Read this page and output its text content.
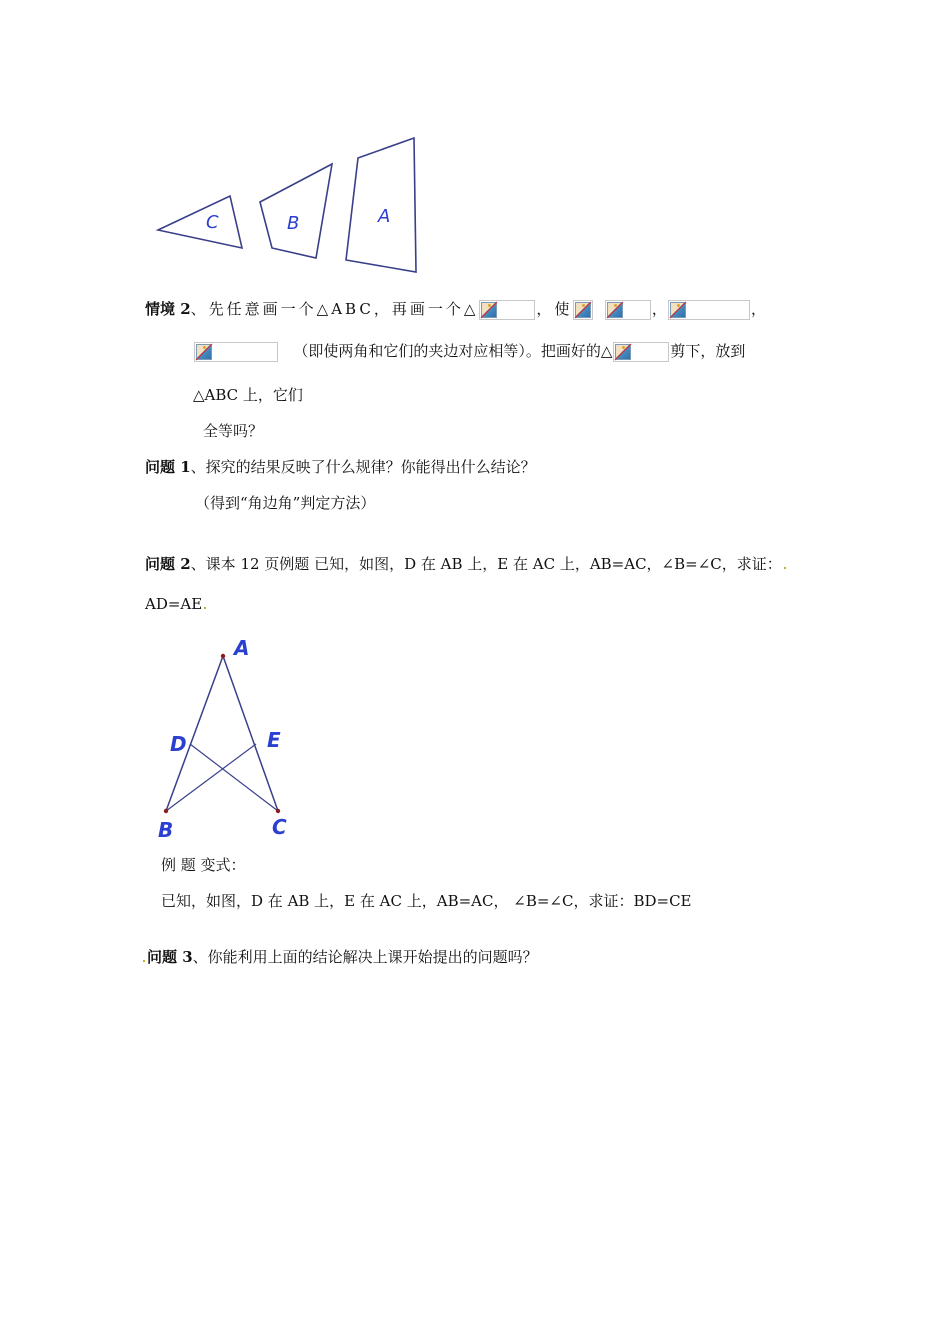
C	B	A
情境 2、先任意画一个△ABC，再画一个△	，使
	，	，
（即使两角和它们的夹边对应相等）。把画好的△	剪下，放到
△ABC 上，它们
全等吗？
问题 1、探究的结果反映了什么规律？你能得出什么结论？
（得到“角边角”判定方法）
问题 2、课本 12 页例题 已知，如图，D 在 AB 上，E 在 AC 上，AB=AC，∠B=∠C，求证：
AD=AE
A
D	E
B	C
例 题 变式：
已知，如图，D 在 AB 上，E 在 AC 上，AB=AC， ∠B=∠C，求证：BD=CE
问题 3、你能利用上面的结论解决上课开始提出的问题吗？
